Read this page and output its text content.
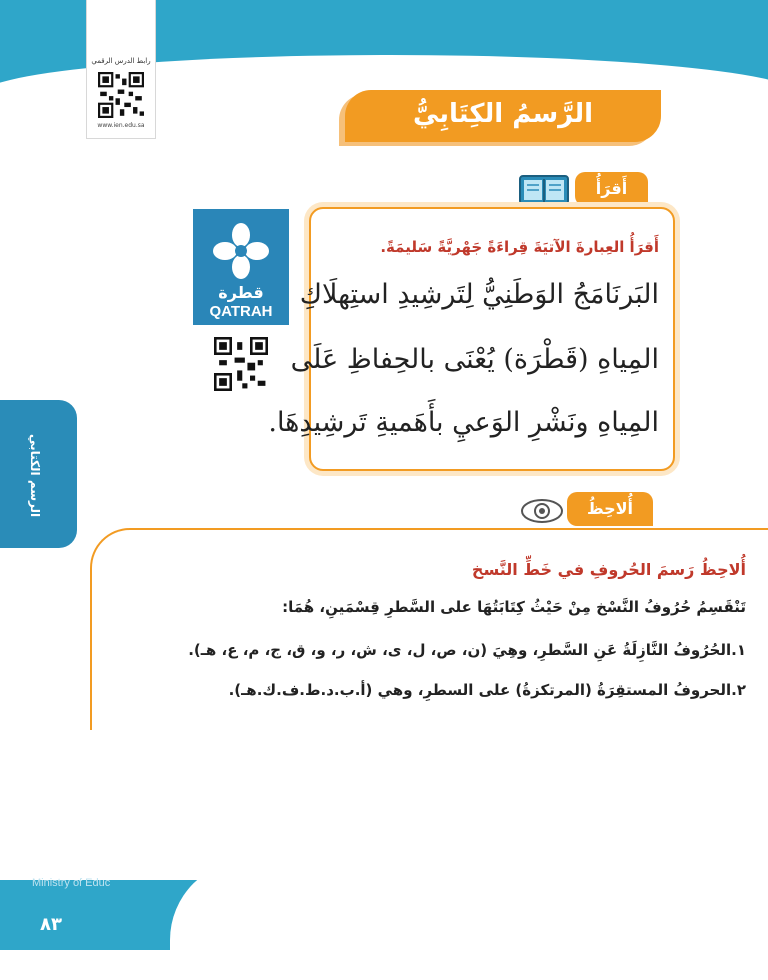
رابط الدرس الرقمي
www.ien.edu.sa	الرَّسمُ الكِتَابِيُّ
أَقرَأُ
قطرة
QATRAH
أَقرَأُ العِبارةَ الآتيَةَ قِراءَةً جَهْريَّةً سَليمَةً.
البَرنَامَجُ الوَطَنِيُّ لِتَرشِيدِ استِهلَاكِ
المِياهِ (قَطْرَة) يُعْنَى بالحِفاظِ عَلَى
المِياهِ ونَشْرِ الوَعيِ بأَهَميةِ تَرشِيدِهَا.
الرسم الكتابي	أُلاحِظُ
أُلاحِظُ رَسمَ الحُروفِ في خَطِّ النَّسخ
تَنْقَسِمُ حُرُوفُ النَّسْخ مِنْ حَيْثُ كِتَابَتُهَا على السَّطرِ قِسْمَينِ، هُمَا:
١.الحُرُوفُ النَّازِلَةُ عَنِ السَّطرِ، وهِيَ (ن، ص، ل، ى، ش، ر، و، ق، ج، م، ع، هـ).
٢.الحروفُ المستقِرَةُ (المرتكزةُ) على السطرِ، وهي (أ.ب.د.ط.ف.ك.هـ).
Ministry of Educ
٨٣
